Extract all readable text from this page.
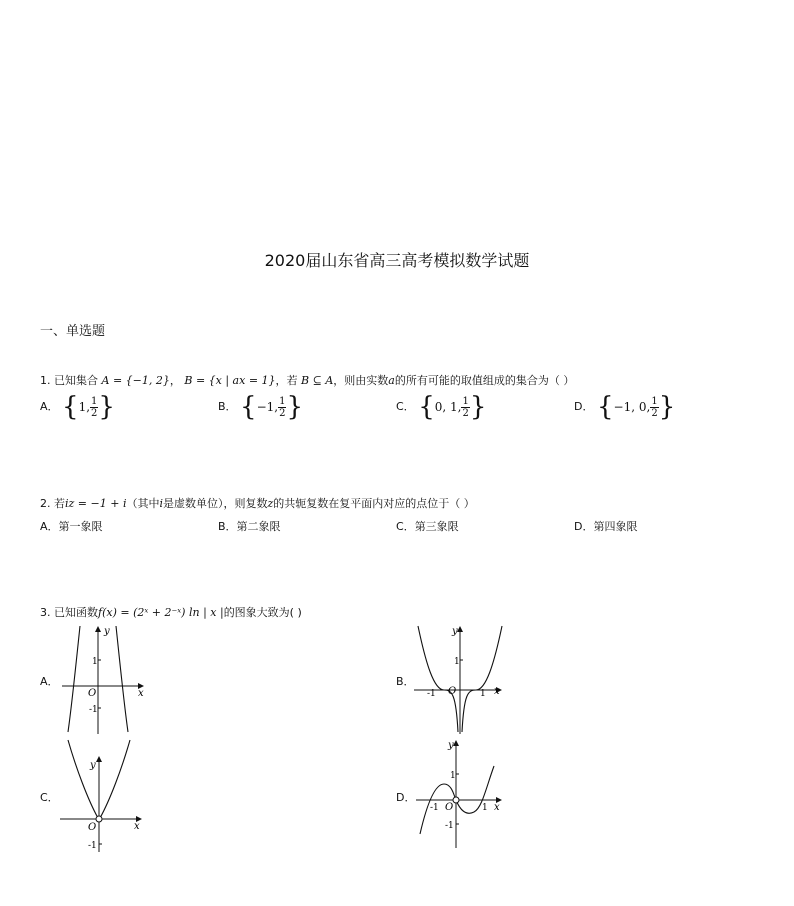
2020届山东省高三高考模拟数学试题
一、单选题
1. 已知集合 A = {−1, 2}， B = {x | ax = 1}，若 B ⊆ A，则由实数a的所有可能的取值组成的集合为（ ）
A． {1, $\frac{1}{2}$ }	B． {−1, $\frac{1}{2}$ }	C． {0, 1, $\frac{1}{2}$ }	D． {−1, 0, $\frac{1}{2}$ }
2. 若iz = −1 + i（其中i是虚数单位），则复数z的共轭复数在复平面内对应的点位于（ ）
A．第一象限	B．第二象限	C．第三象限	D．第四象限
3. 已知函数f(x) = (2ˣ + 2⁻ˣ) ln | x |的图象大致为( )
A．
y
x
O
1
-1
B．
y
x
O
1
-1	1
C．
y
x
O
-1
D．
y
x
O
1
-1
-1	1
